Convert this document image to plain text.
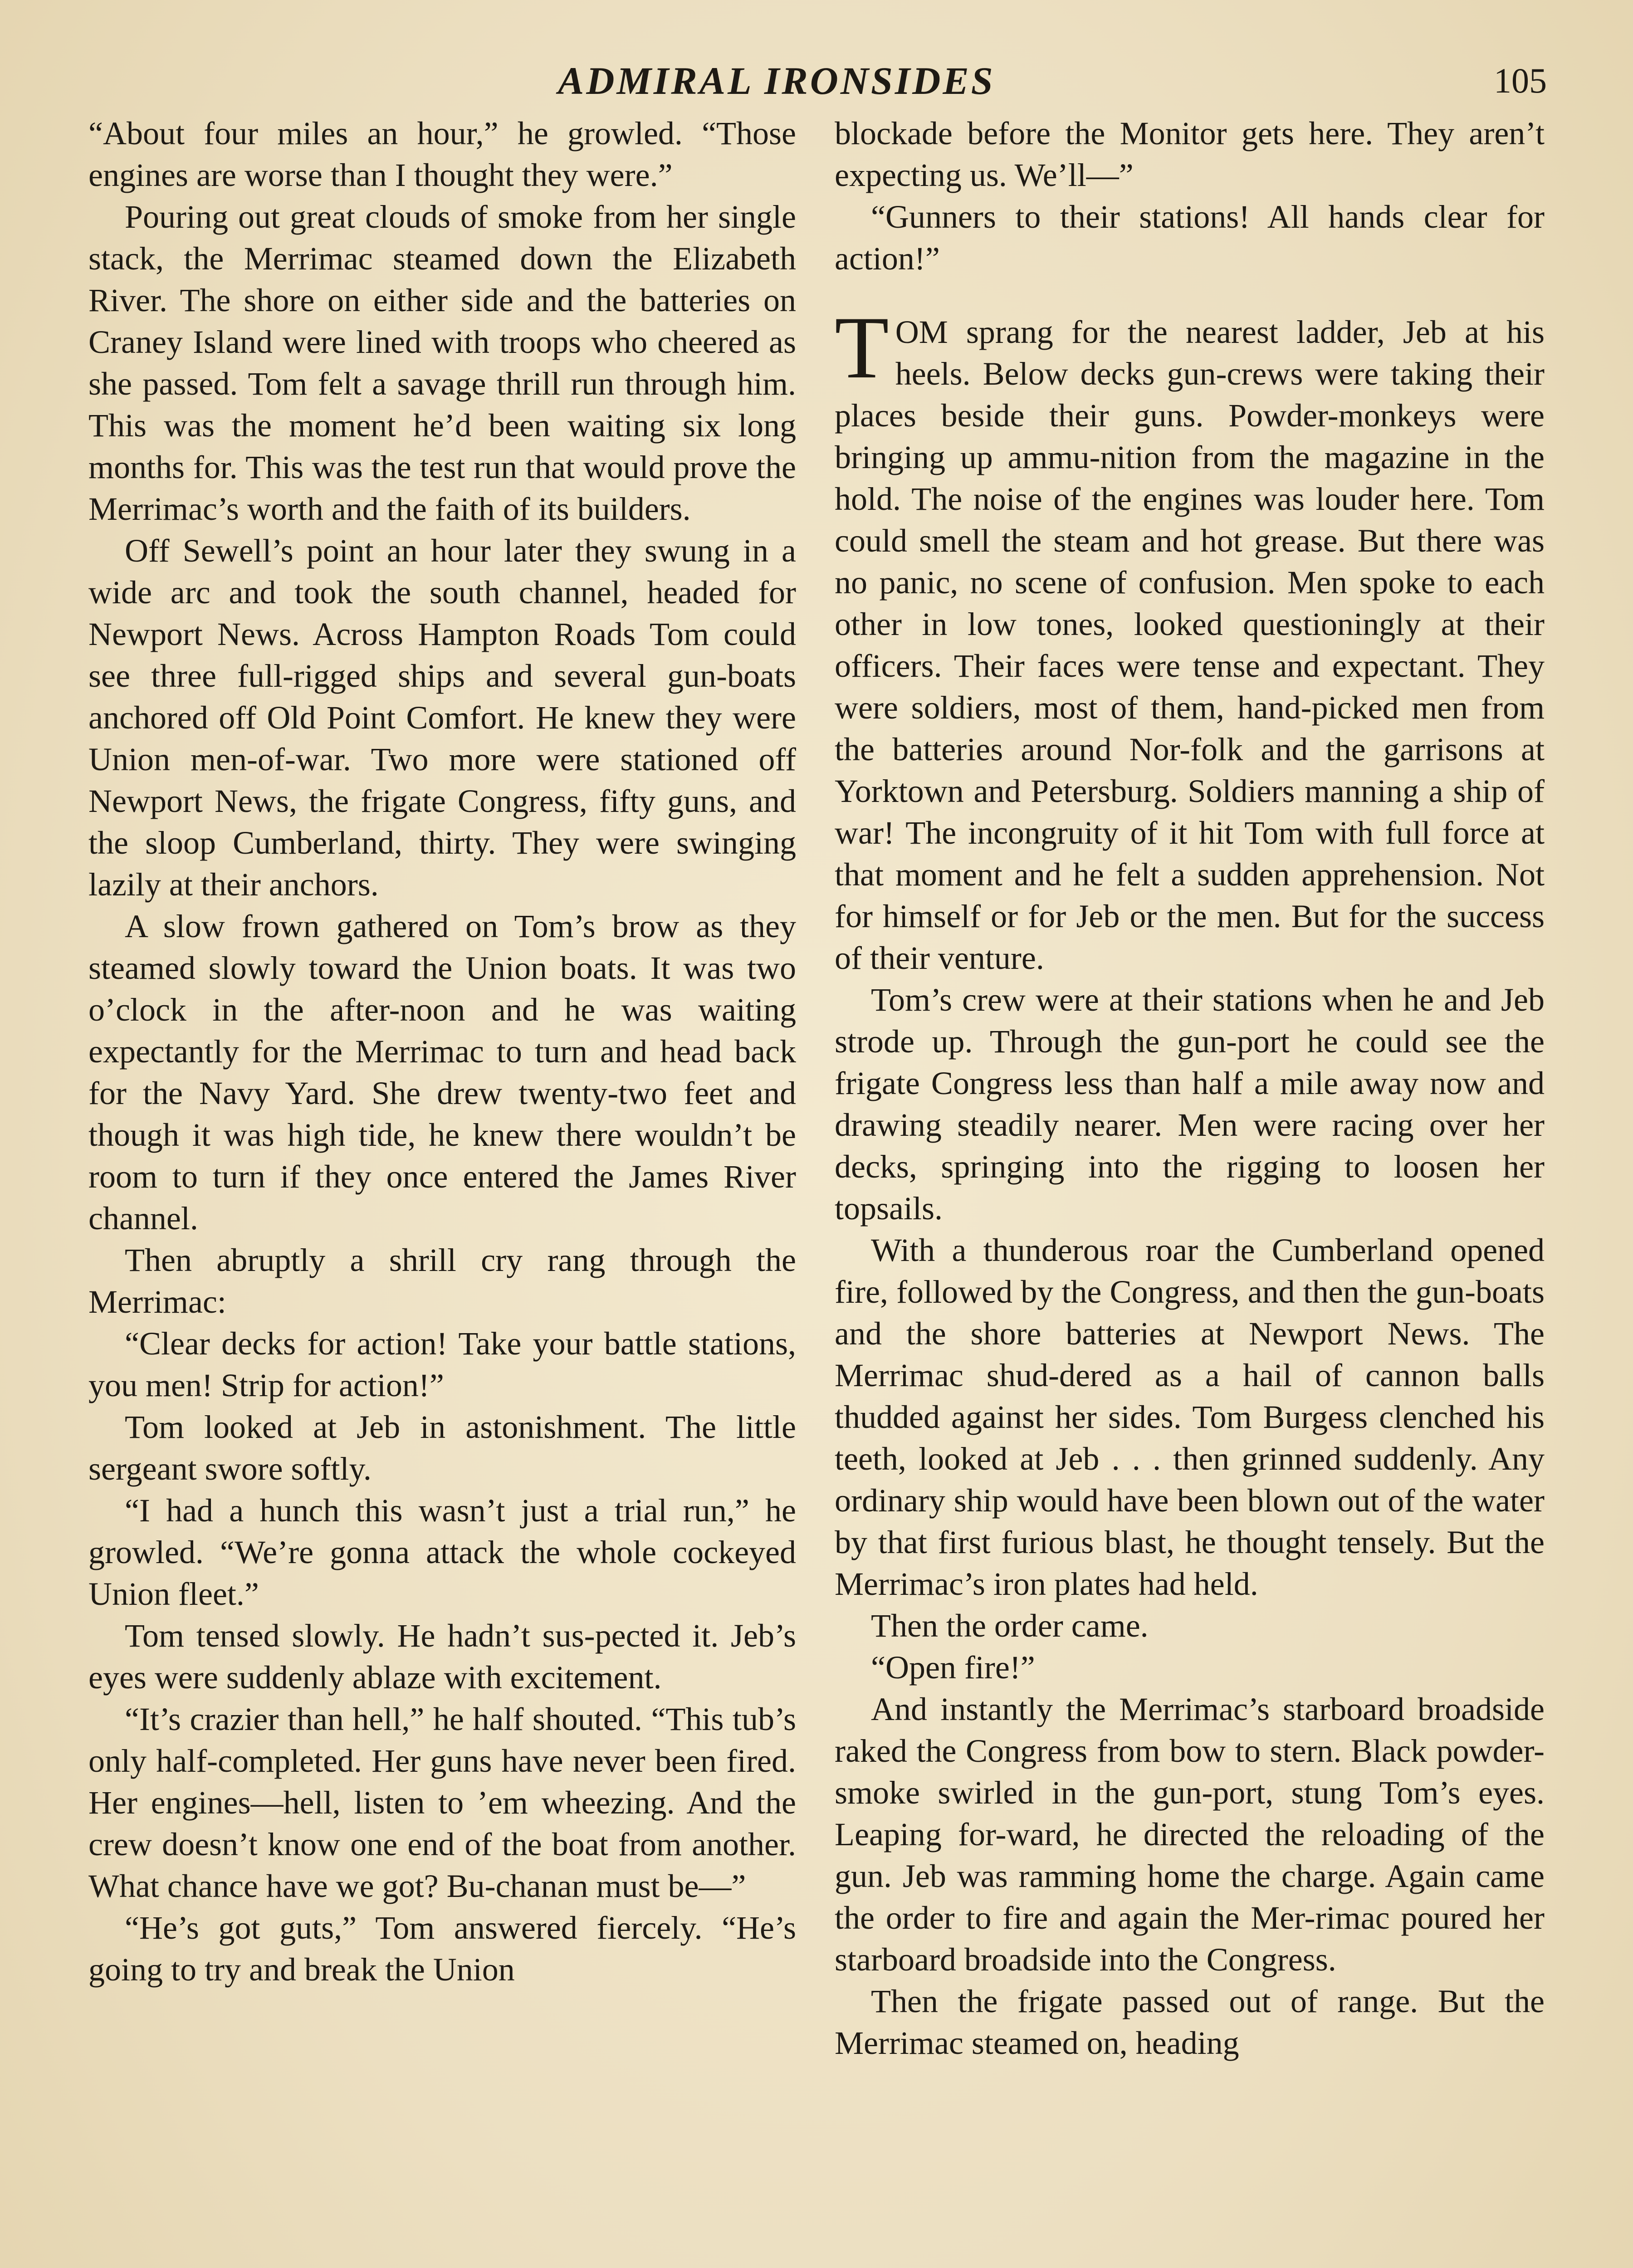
ADMIRAL IRONSIDES	105

“About four miles an hour,” he growled. “Those engines are worse than I thought they were.”

Pouring out great clouds of smoke from her single stack, the Merrimac steamed down the Elizabeth River. The shore on either side and the batteries on Craney Island were lined with troops who cheered as she passed. Tom felt a savage thrill run through him. This was the moment he’d been waiting six long months for. This was the test run that would prove the Merrimac’s worth and the faith of its builders.

Off Sewell’s point an hour later they swung in a wide arc and took the south channel, headed for Newport News. Across Hampton Roads Tom could see three full-rigged ships and several gun-boats anchored off Old Point Comfort. He knew they were Union men-of-war. Two more were stationed off Newport News, the frigate Congress, fifty guns, and the sloop Cumberland, thirty. They were swinging lazily at their anchors.

A slow frown gathered on Tom’s brow as they steamed slowly toward the Union boats. It was two o’clock in the after-noon and he was waiting expectantly for the Merrimac to turn and head back for the Navy Yard. She drew twenty-two feet and though it was high tide, he knew there wouldn’t be room to turn if they once entered the James River channel.

Then abruptly a shrill cry rang through the Merrimac:

“Clear decks for action! Take your battle stations, you men! Strip for action!”

Tom looked at Jeb in astonishment. The little sergeant swore softly.

“I had a hunch this wasn’t just a trial run,” he growled. “We’re gonna attack the whole cockeyed Union fleet.”

Tom tensed slowly. He hadn’t sus-pected it. Jeb’s eyes were suddenly ablaze with excitement.

“It’s crazier than hell,” he half shouted. “This tub’s only half-completed. Her guns have never been fired. Her engines—hell, listen to ’em wheezing. And the crew doesn’t know one end of the boat from another. What chance have we got? Bu-chanan must be—”

“He’s got guts,” Tom answered fiercely. “He’s going to try and break the Union

blockade before the Monitor gets here. They aren’t expecting us. We’ll—”

“Gunners to their stations! All hands clear for action!”

TOM sprang for the nearest ladder, Jeb at his heels. Below decks gun-crews were taking their places beside their guns. Powder-monkeys were bringing up ammu-nition from the magazine in the hold. The noise of the engines was louder here. Tom could smell the steam and hot grease. But there was no panic, no scene of confusion. Men spoke to each other in low tones, looked questioningly at their officers. Their faces were tense and expectant. They were soldiers, most of them, hand-picked men from the batteries around Nor-folk and the garrisons at Yorktown and Petersburg. Soldiers manning a ship of war! The incongruity of it hit Tom with full force at that moment and he felt a sudden apprehension. Not for himself or for Jeb or the men. But for the success of their venture.

Tom’s crew were at their stations when he and Jeb strode up. Through the gun-port he could see the frigate Congress less than half a mile away now and drawing steadily nearer. Men were racing over her decks, springing into the rigging to loosen her topsails.

With a thunderous roar the Cumberland opened fire, followed by the Congress, and then the gun-boats and the shore batteries at Newport News. The Merrimac shud-dered as a hail of cannon balls thudded against her sides. Tom Burgess clenched his teeth, looked at Jeb . . . then grinned suddenly. Any ordinary ship would have been blown out of the water by that first furious blast, he thought tensely. But the Merrimac’s iron plates had held.

Then the order came.

“Open fire!”

And instantly the Merrimac’s starboard broadside raked the Congress from bow to stern. Black powder-smoke swirled in the gun-port, stung Tom’s eyes. Leaping for-ward, he directed the reloading of the gun. Jeb was ramming home the charge. Again came the order to fire and again the Mer-rimac poured her starboard broadside into the Congress.

Then the frigate passed out of range. But the Merrimac steamed on, heading
